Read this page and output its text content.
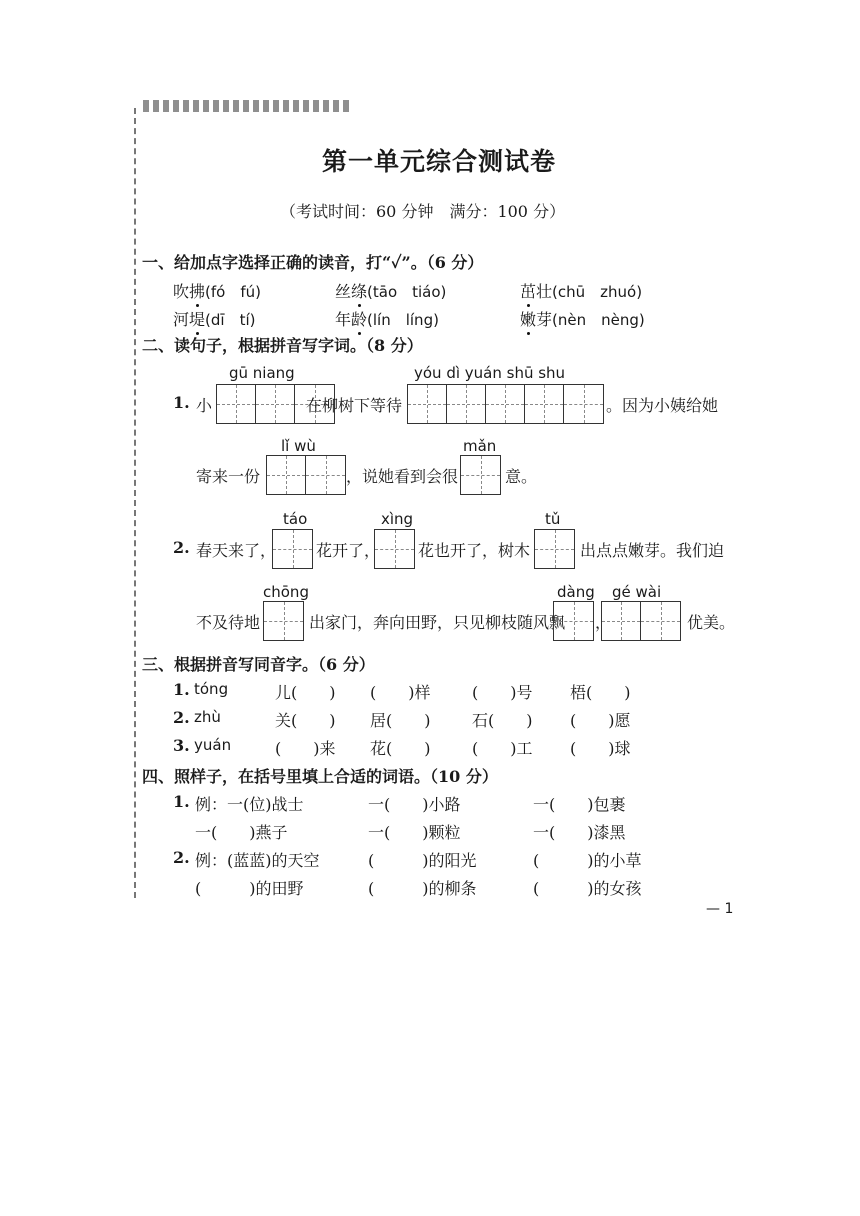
第一单元综合测试卷
（考试时间：60 分钟　满分：100 分）
一、给加点字选择正确的读音，打“✓”。（6 分）
吹拂(fó　fú)	丝绦(tāo　tiáo)	茁壮(chū　zhuó)
河堤(dī　tí)	年龄(lín　líng)	嫩芽(nèn　nèng)
二、读句子，根据拼音写字词。（8 分）
1. 小
gū niang
在柳树下等待
yóu dì yuán shū shu
。因为小姨给她
寄来一份
lǐ wù
，说她看到会很
mǎn
意。
2. 春天来了，
táo
花开了，
xìng
花也开了，树木
tǔ
出点点嫩芽。我们迫
不及待地
chōng
出家门，奔向田野，只见柳枝随风飘
dàng
，
gé wài
优美。
三、根据拼音写同音字。（6 分）
1. tóng	儿(　　) (　　)样	(　　)号 梧(　　)
2. zhù	关(　　) 居(　　)	石(　　) (　　)愿
3. yuán	(　　)来 花(　　)	(　　)工 (　　)球
四、照样子，在括号里填上合适的词语。（10 分）
1. 例：一(位)战士	一(　　)小路	一(　　)包裹
一(　　)燕子	一(　　)颗粒	一(　　)漆黑
2. 例：(蓝蓝)的天空	(　　　)的阳光	(　　　)的小草
(　　　)的田野	(　　　)的柳条	(　　　)的女孩
— 1
